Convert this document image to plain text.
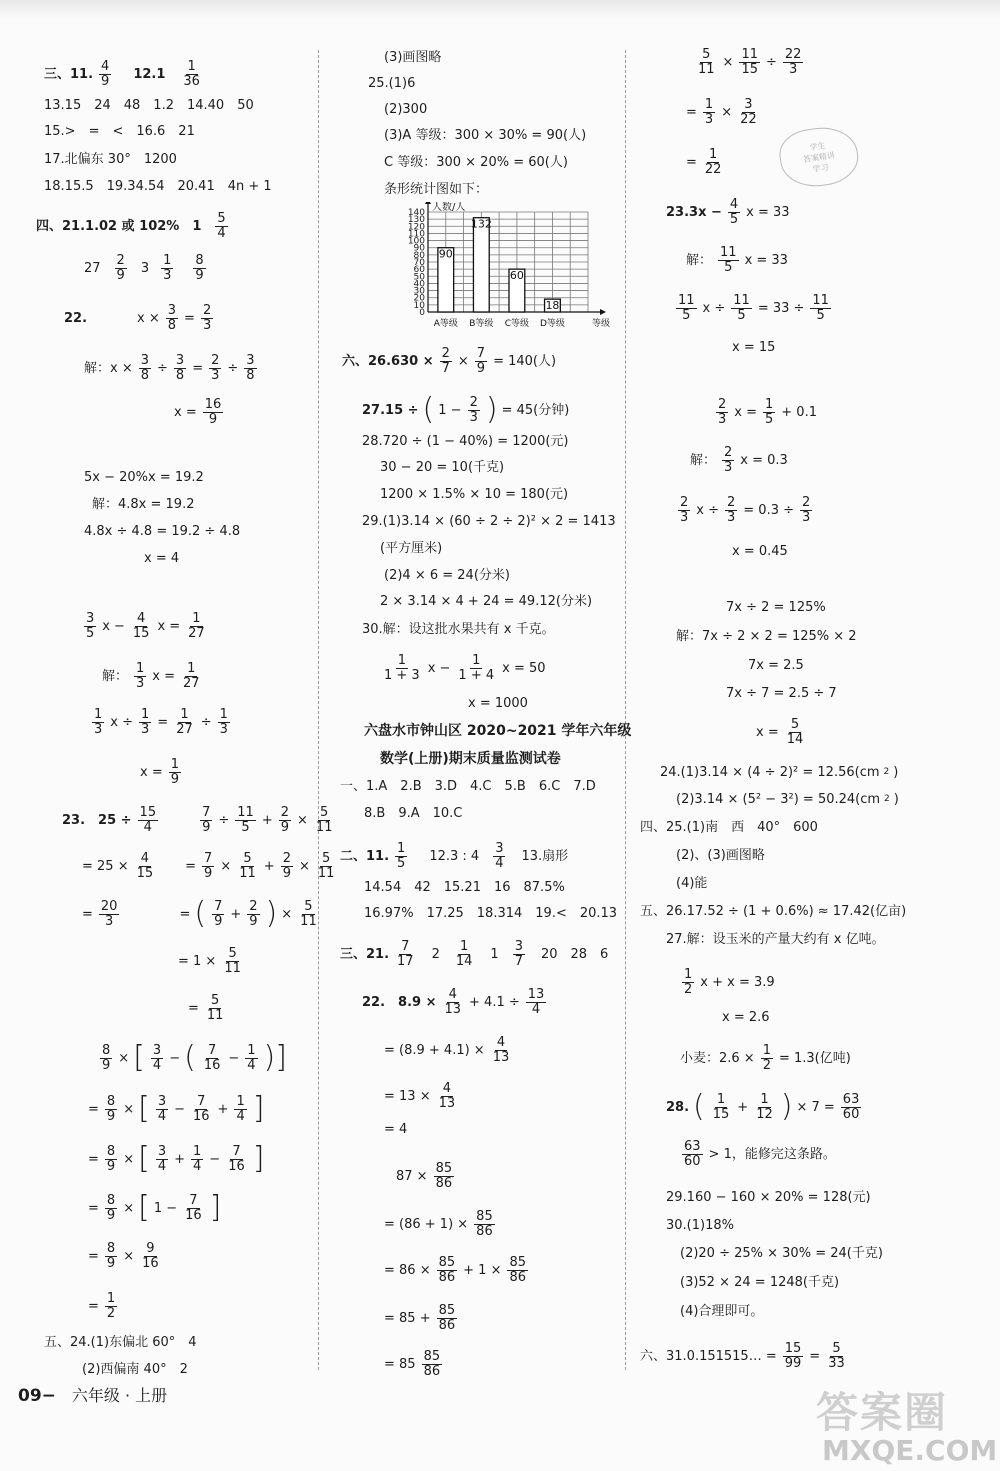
三、11. $\frac{4}{9} 12.1 \frac{1}{36}$
13.15　24　48　1.2　14.40　50
15.>　=　<　16.6　21
17.北偏东 30°　1200
18.15.5　19.34.54　20.41　4n + 1
四、21.1.02 或 102%　$1 \frac{5}{4}$
$27 \frac{2}{9} 3 \frac{1}{3} \frac{8}{9}$
22.	$x \times \frac{3}{8} = \frac{2}{3}$
解：$x \times \frac{3}{8} \div \frac{3}{8} = \frac{2}{3} \div \frac{3}{8}$
$x = \frac{16}{9}$
5x − 20%x = 19.2
解：4.8x = 19.2
4.8x ÷ 4.8 = 19.2 ÷ 4.8
x = 4
$\frac{3}{5}$ $x - \frac{4}{15}$ $x = \frac{1}{27}$
解： $\frac{1}{3}$ $x = \frac{1}{27}$
$\frac{1}{3}$ $x \div \frac{1}{3} = \frac{1}{27} \div \frac{1}{3}$
$x = \frac{1}{9}$
23.　$25 \div \frac{15}{4}$	$\frac{7}{9} \div \frac{11}{5} + \frac{2}{9} \times \frac{5}{11}$
= $25 \times \frac{4}{15} = \frac{7}{9} \times \frac{5}{11} + \frac{2}{9} \times \frac{5}{11}$
= $\frac{20}{3}$	= ( $\frac{7}{9} + \frac{2}{9}$ ) × $\frac{5}{11}$
= $1 \times \frac{5}{11}$
= $\frac{5}{11}$
$\frac{8}{9}$ × [ $\frac{3}{4}$ − ( $\frac{7}{16} - \frac{1}{4}$ )]
= $\frac{8}{9}$ × [ $\frac{3}{4} - \frac{7}{16} + \frac{1}{4}$ ]
= $\frac{8}{9}$ × [ $\frac{3}{4} + \frac{1}{4} - \frac{7}{16}$ ]
= $\frac{8}{9}$ × [ $1 - \frac{7}{16}$ ]
= $\frac{8}{9} \times \frac{9}{16}$
= $\frac{1}{2}$
五、24.(1)东偏北 60°　4
(2)西偏南 40°　2
(3)画图略
25.(1)6
(2)300
(3)A 等级：300 × 30% = 90(人)
C 等级：300 × 20% = 60(人)
条形统计图如下：
0
10
20
30
40
50
60
70
80
90
100
110
120
130
140 人数/人
90
A等级
132
B等级
60
C等级
18
D等级	等级
六、$26.630 \times \frac{2}{7} \times \frac{7}{9} = 140$(人)
27.15 ÷ ( $1 - \frac{2}{3}$ ) = 45(分钟)
28.720 ÷ (1 − 40%) = 1200(元)
30 − 20 = 10(千克)
1200 × 1.5% × 10 = 180(元)
29.(1)3.14 × (60 ÷ 2 ÷ 2)² × 2 = 1413
(平方厘米)
(2)4 × 6 = 24(分米)
2 × 3.14 × 4 + 24 = 49.12(分米)
30.解：设这批水果共有 x 千克。
$\frac{1}{1 + 3}$ $x - \frac{1}{1 + 4}$ x = 50
x = 1000
六盘水市钟山区 2020~2021 学年六年级
数学(上册)期末质量监测试卷
一、1.A　2.B　3.D　4.C　5.B　6.C　7.D
8.B　9.A　10.C
二、11. $\frac{1}{5} 12.3$ : $4 \frac{3}{4} 13$.扇形
14.54　42　15.21　16　87.5%
16.97%　17.25　18.314　19.<　20.13
三、21. $\frac{7}{17} 2 \frac{1}{14} 1 \frac{3}{7} 20$　28　6
22.　$8.9 \times \frac{4}{13} + 4.1 \div \frac{13}{4}$
= $(8.9 + 4.1) \times \frac{4}{13}$
= $13 \times \frac{4}{13}$
= 4
$87 \times \frac{85}{86}$
= $(86 + 1) \times \frac{85}{86}$
= $86 \times \frac{85}{86} + 1 \times \frac{85}{86}$
= $85 + \frac{85}{86}$
= $85 \frac{85}{86}$
$\frac{5}{11} \times \frac{11}{15} \div \frac{22}{3}$
= $\frac{1}{3} \times \frac{3}{22}$
= $\frac{1}{22}$
$23.3x - \frac{4}{5}$ x = 33
解： $\frac{11}{5}$ x = 33
$\frac{11}{5}$ $x \div \frac{11}{5} = 33 \div \frac{11}{5}$
x = 15
$\frac{2}{3}$ $x = \frac{1}{5} + 0.1$
解： $\frac{2}{3}$ x = 0.3
$\frac{2}{3}$ $x \div \frac{2}{3} = 0.3 \div \frac{2}{3}$
x = 0.45
7x ÷ 2 = 125%
解：7x ÷ 2 × 2 = 125% × 2
7x = 2.5
7x ÷ 7 = 2.5 ÷ 7
$x = \frac{5}{14}$
24.(1)3.14 × (4 ÷ 2)² = 12.56(cm 2 )
(2)3.14 × (5² − 3²) = 50.24(cm 2 )
四、25.(1)南　西　40°　600
(2)、(3)画图略
(4)能
五、26.17.52 ÷ (1 + 0.6%) ≈ 17.42(亿亩)
27.解：设玉米的产量大约有 x 亿吨。
$\frac{1}{2}$ x + x = 3.9
x = 2.6
小麦：$2.6 \times \frac{1}{2} = 1.3$(亿吨)
28. ( $\frac{1}{15} + \frac{1}{12}$ ) × $7 = \frac{63}{60}$
$\frac{63}{60} > 1$，能修完这条路。
29.160 − 160 × 20% = 128(元)
30.(1)18%
(2)20 ÷ 25% × 30% = 24(千克)
(3)52 × 24 = 1248(千克)
(4)合理即可。
六、31.0.151515… = $\frac{15}{99} = \frac{5}{33}$
学生
答案精讲
学习
09− 六年级 · 上册	答案圈
MXQE.COM
